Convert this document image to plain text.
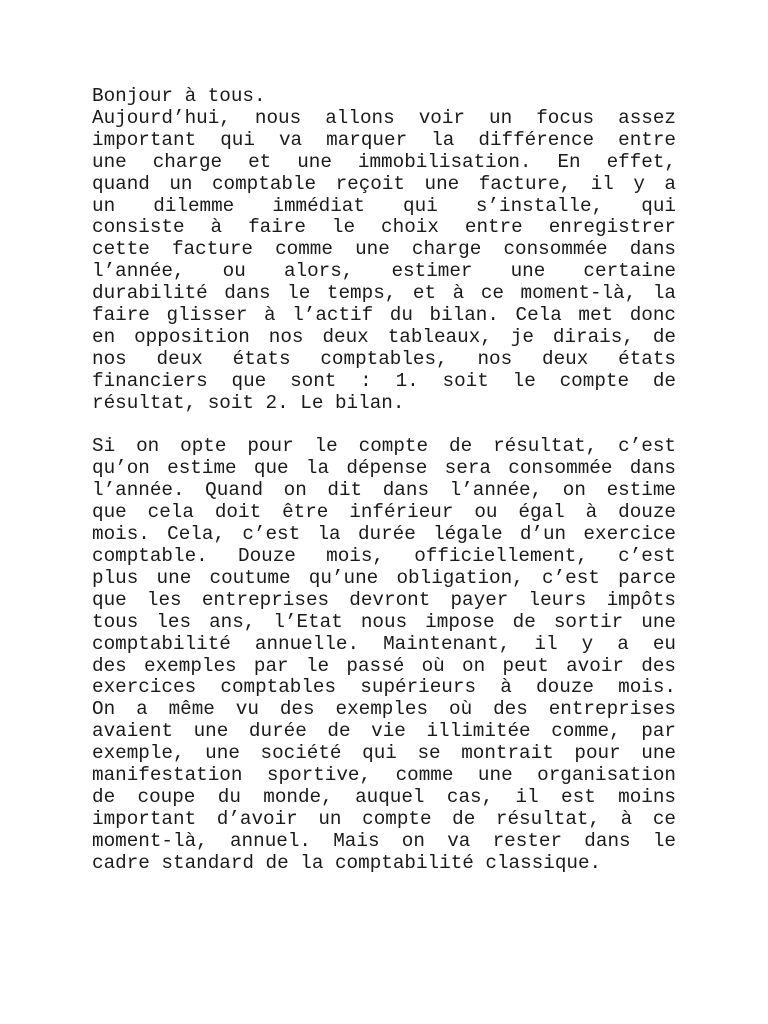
Bonjour à tous.
Aujourd’hui, nous allons voir un focus assez
important qui va marquer la différence entre
une charge et une immobilisation. En effet,
quand un comptable reçoit une facture, il y a
un dilemme immédiat qui s’installe, qui
consiste à faire le choix entre enregistrer
cette facture comme une charge consommée dans
l’année, ou alors, estimer une certaine
durabilité dans le temps, et à ce moment-là, la
faire glisser à l’actif du bilan. Cela met donc
en opposition nos deux tableaux, je dirais, de
nos deux états comptables, nos deux états
financiers que sont : 1. soit le compte de
résultat, soit 2. Le bilan.
Si on opte pour le compte de résultat, c’est
qu’on estime que la dépense sera consommée dans
l’année. Quand on dit dans l’année, on estime
que cela doit être inférieur ou égal à douze
mois. Cela, c’est la durée légale d’un exercice
comptable. Douze mois, officiellement, c’est
plus une coutume qu’une obligation, c’est parce
que les entreprises devront payer leurs impôts
tous les ans, l’Etat nous impose de sortir une
comptabilité annuelle. Maintenant, il y a eu
des exemples par le passé où on peut avoir des
exercices comptables supérieurs à douze mois.
On a même vu des exemples où des entreprises
avaient une durée de vie illimitée comme, par
exemple, une société qui se montrait pour une
manifestation sportive, comme une organisation
de coupe du monde, auquel cas, il est moins
important d’avoir un compte de résultat, à ce
moment-là, annuel. Mais on va rester dans le
cadre standard de la comptabilité classique.
